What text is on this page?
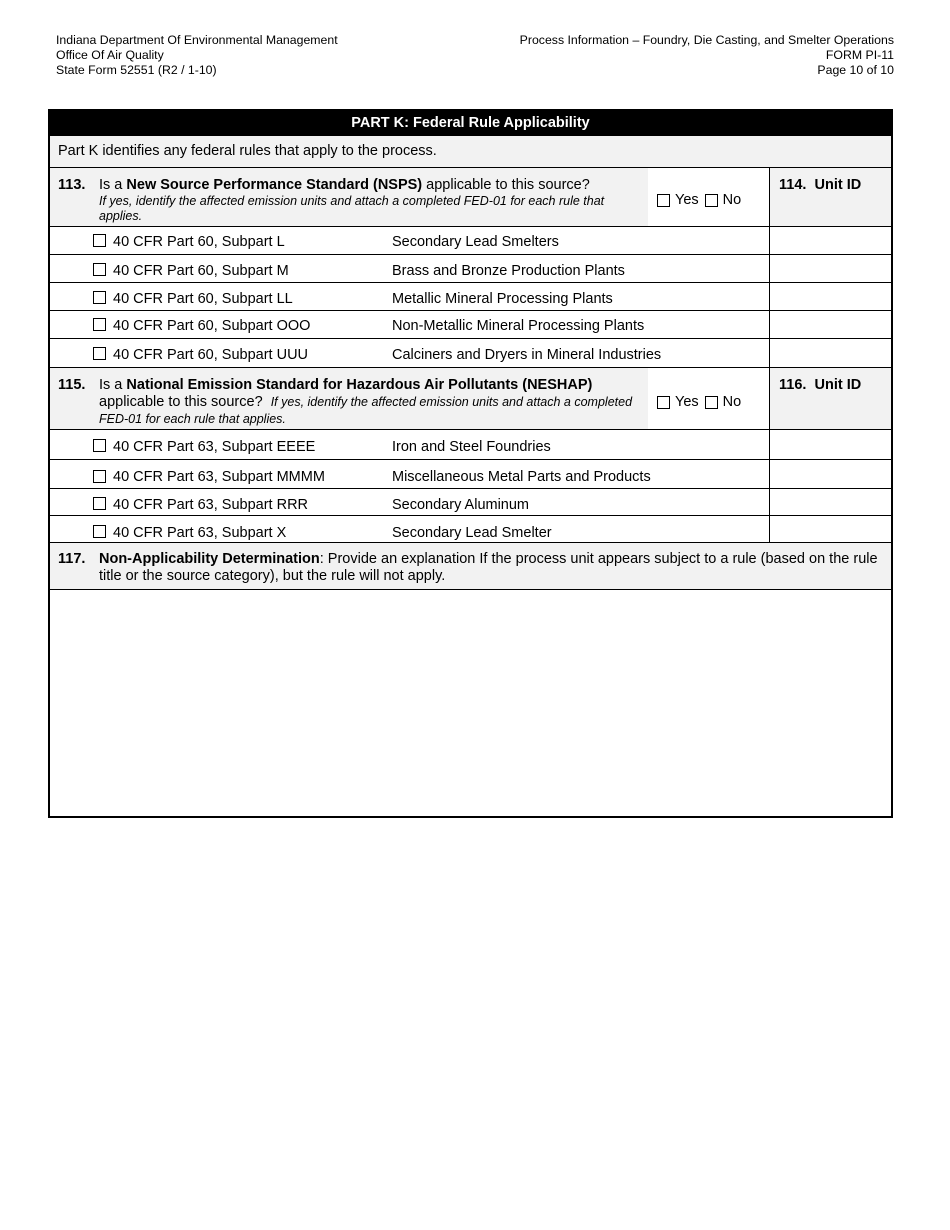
Indiana Department Of Environmental Management
Office Of Air Quality
State Form 52551 (R2 / 1-10)
Process Information – Foundry, Die Casting, and Smelter Operations
FORM PI-11
Page 10 of 10
PART K: Federal Rule Applicability
Part K identifies any federal rules that apply to the process.
113. Is a New Source Performance Standard (NSPS) applicable to this source?
If yes, identify the affected emission units and attach a completed FED-01 for each rule that applies.
Yes No
114. Unit ID
40 CFR Part 60, Subpart L	Secondary Lead Smelters
40 CFR Part 60, Subpart M	Brass and Bronze Production Plants
40 CFR Part 60, Subpart LL	Metallic Mineral Processing Plants
40 CFR Part 60, Subpart OOO	Non-Metallic Mineral Processing Plants
40 CFR Part 60, Subpart UUU	Calciners and Dryers in Mineral Industries
115. Is a National Emission Standard for Hazardous Air Pollutants (NESHAP)
applicable to this source? If yes, identify the affected emission units and attach a completed FED-01 for each rule that applies.
Yes No
116. Unit ID
40 CFR Part 63, Subpart EEEE	Iron and Steel Foundries
40 CFR Part 63, Subpart MMMM	Miscellaneous Metal Parts and Products
40 CFR Part 63, Subpart RRR	Secondary Aluminum
40 CFR Part 63, Subpart X	Secondary Lead Smelter
117. Non-Applicability Determination: Provide an explanation If the process unit appears subject to a rule (based on the rule title or the source category), but the rule will not apply.
